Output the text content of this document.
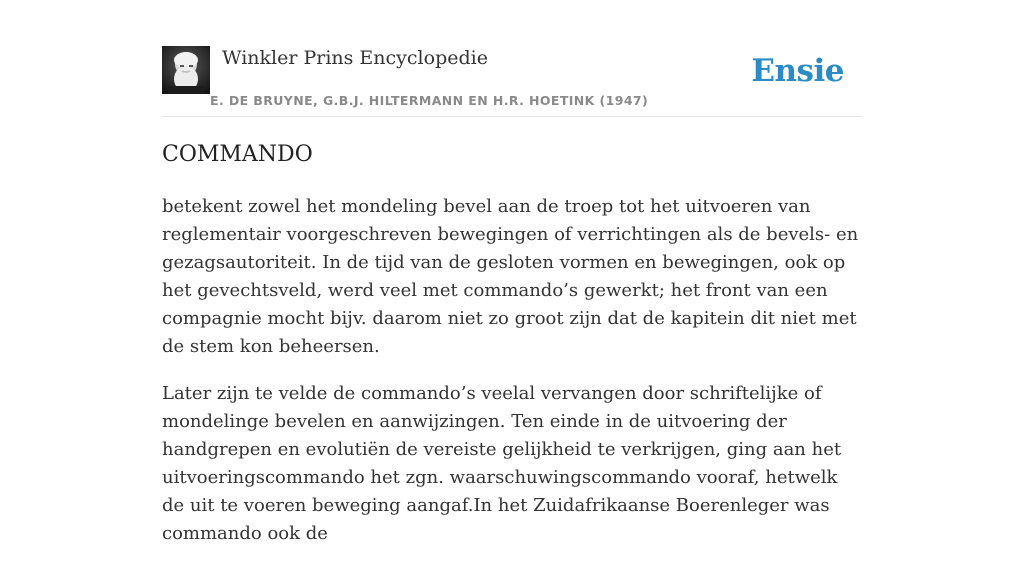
Winkler Prins Encyclopedie
E. DE BRUYNE, G.B.J. HILTERMANN EN H.R. HOETINK (1947)
Ensie
COMMANDO

betekent zowel het mondeling bevel aan de troep tot het uitvoeren van reglementair voorgeschreven bewegingen of verrichtingen als de bevels- en gezagsautoriteit. In de tijd van de gesloten vormen en bewegingen, ook op het gevechtsveld, werd veel met commando’s gewerkt; het front van een compagnie mocht bijv. daarom niet zo groot zijn dat de kapitein dit niet met de stem kon beheersen.

Later zijn te velde de commando’s veelal vervangen door schriftelijke of mondelinge bevelen en aanwijzingen. Ten einde in de uitvoering der handgrepen en evolutiën de vereiste gelijkheid te verkrijgen, ging aan het uitvoeringscommando het zgn. waarschuwingscommando vooraf, hetwelk de uit te voeren beweging aangaf.In het Zuidafrikaanse Boerenleger was commando ook de
